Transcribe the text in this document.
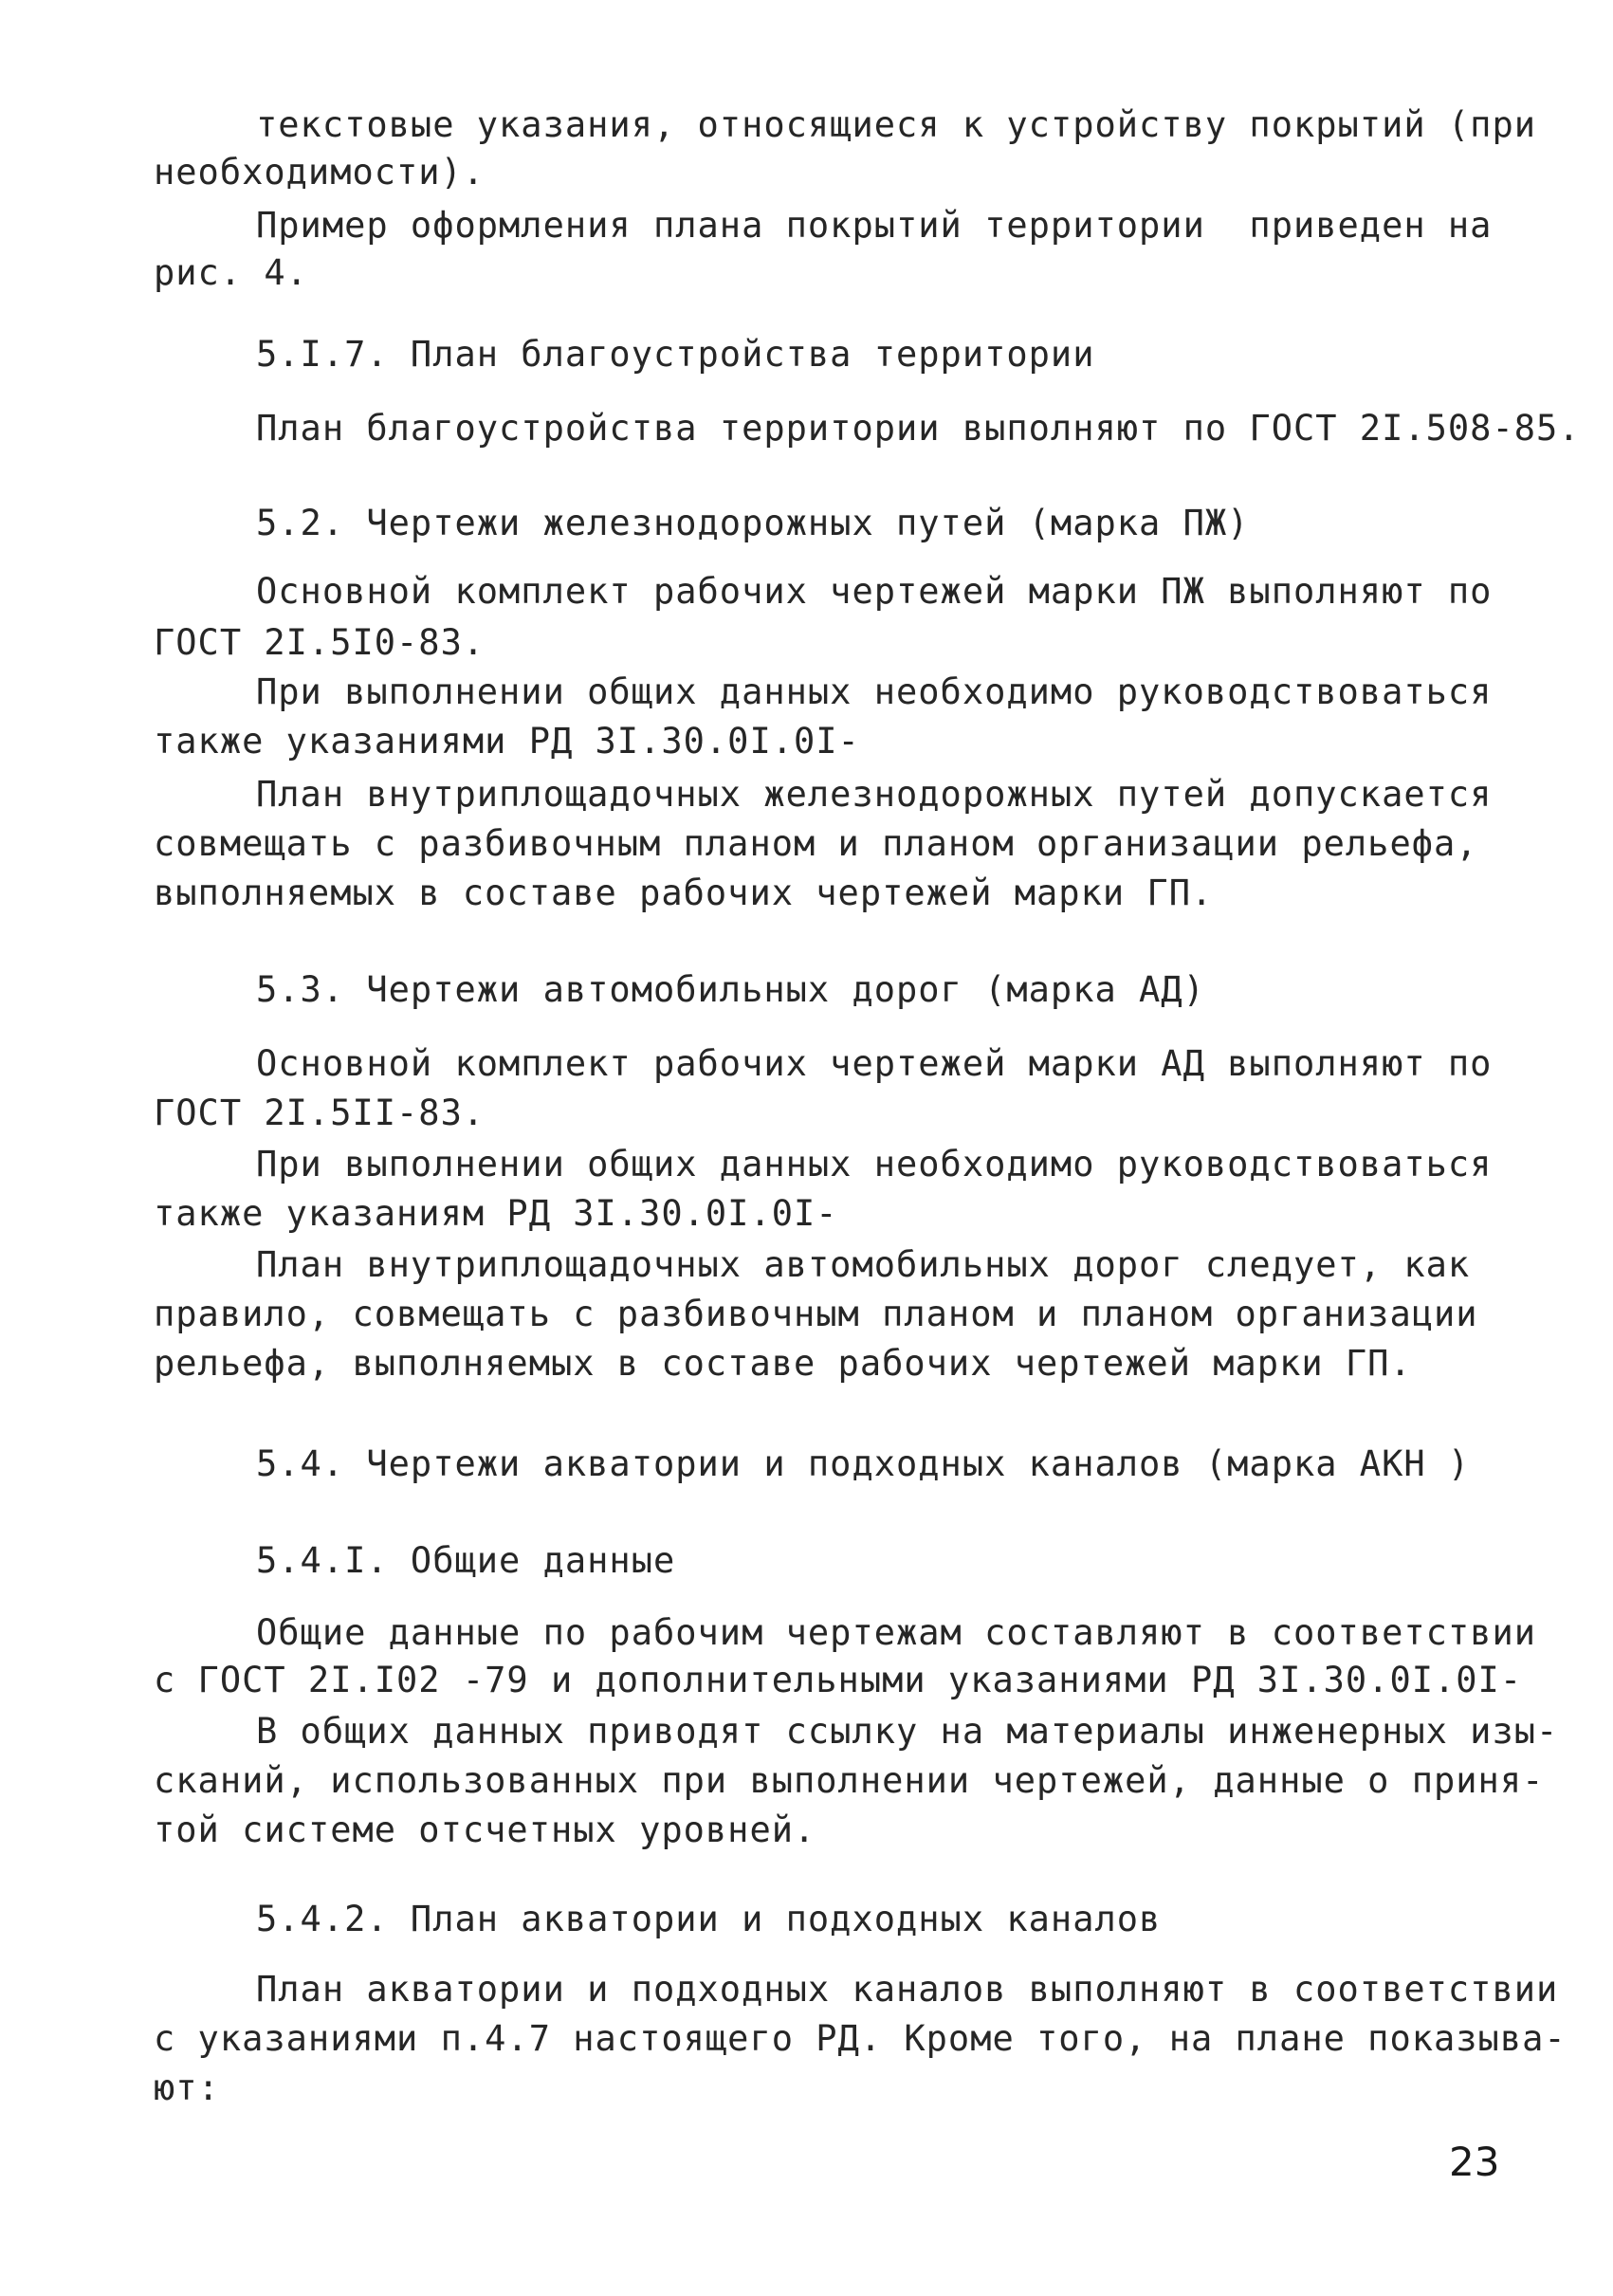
текстовые указания, относящиеся к устройству покрытий (при

необходимости).

Пример оформления плана покрытий территории  приведен на

рис. 4.

5.I.7. План благоустройства территории

План благоустройства территории выполняют по ГОСТ 2I.508-85.

5.2. Чертежи железнодорожных путей (марка ПЖ)

Основной комплект рабочих чертежей марки ПЖ выполняют по

ГОСТ 2I.5I0-83.

При выполнении общих данных необходимо руководствоваться

также указаниями РД 3I.30.0I.0I-

План внутриплощадочных железнодорожных путей допускается

совмещать с разбивочным планом и планом организации рельефа,

выполняемых в составе рабочих чертежей марки ГП.

5.3. Чертежи автомобильных дорог (марка АД)

Основной комплект рабочих чертежей марки АД выполняют по

ГОСТ 2I.5II-83.

При выполнении общих данных необходимо руководствоваться

также указаниям РД 3I.30.0I.0I-

План внутриплощадочных автомобильных дорог следует, как

правило, совмещать с разбивочным планом и планом организации

рельефа, выполняемых в составе рабочих чертежей марки ГП.

5.4. Чертежи акватории и подходных каналов (марка АКН )

5.4.I. Общие данные

Общие данные по рабочим чертежам составляют в соответствии

с ГОСТ 2I.I02 -79 и дополнительными указаниями РД 3I.30.0I.0I-

В общих данных приводят ссылку на материалы инженерных изы-

сканий, использованных при выполнении чертежей, данные о приня-

той системе отсчетных уровней.

5.4.2. План акватории и подходных каналов

План акватории и подходных каналов выполняют в соответствии

с указаниями п.4.7 настоящего РД. Кроме того, на плане показыва-

ют:

23
